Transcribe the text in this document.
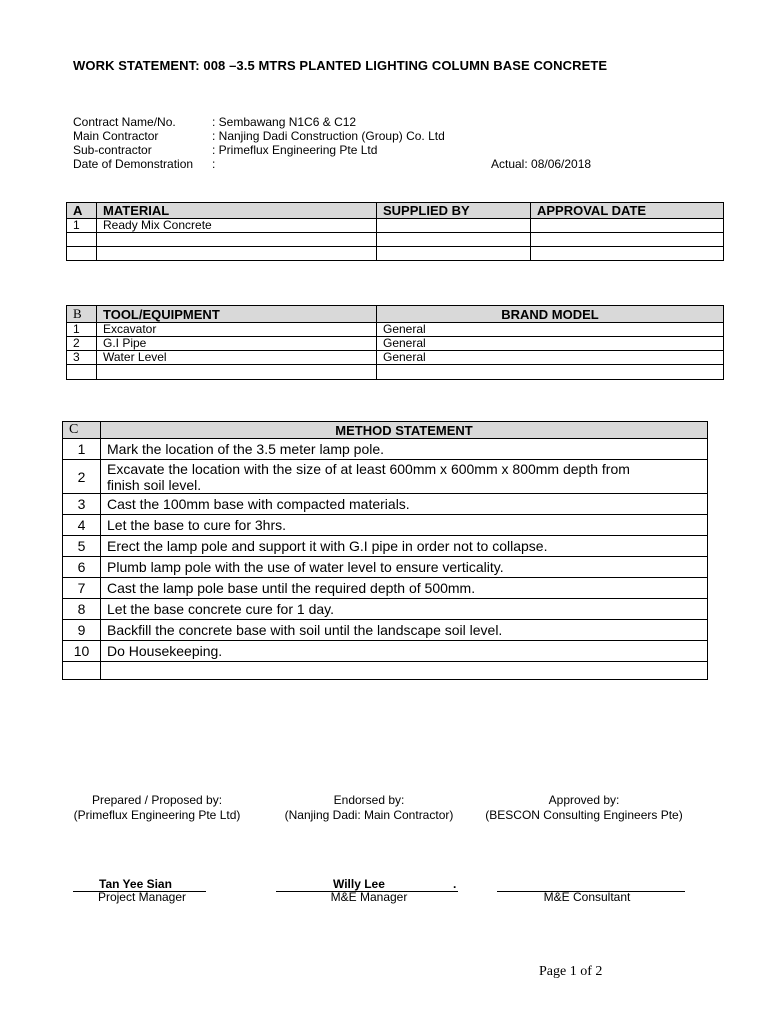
WORK STATEMENT: 008 –3.5 MTRS PLANTED LIGHTING COLUMN BASE CONCRETE
Contract Name/No.	: Sembawang N1C6 & C12
Main Contractor	: Nanjing Dadi Construction (Group) Co. Ltd
Sub-contractor	: Primeflux Engineering Pte Ltd
Date of Demonstration :	Actual: 08/06/2018
A	MATERIAL	SUPPLIED BY	APPROVAL DATE
1	Ready Mix Concrete		

B	TOOL/EQUIPMENT	BRAND MODEL
1	Excavator	General
2	G.I Pipe	General
3	Water Level	General

C	METHOD STATEMENT
1	Mark the location of the 3.5 meter lamp pole.
2	Excavate the location with the size of at least 600mm x 600mm x 800mm depth from
finish soil level.

3	Cast the 100mm base with compacted materials.
4	Let the base to cure for 3hrs.
5	Erect the lamp pole and support it with G.I pipe in order not to collapse.
6	Plumb lamp pole with the use of water level to ensure verticality.
7	Cast the lamp pole base until the required depth of 500mm.
8	Let the base concrete cure for 1 day.
9	Backfill the concrete base with soil until the landscape soil level.
10	Do Housekeeping.

Prepared / Proposed by:
(Primeflux Engineering Pte Ltd)
Endorsed by:
(Nanjing Dadi: Main Contractor)
Approved by:
(BESCON Consulting Engineers Pte)
Tan Yee Sian	Willy Lee	.
Project Manager	M&E Manager	M&E Consultant
Page 1 of 2
